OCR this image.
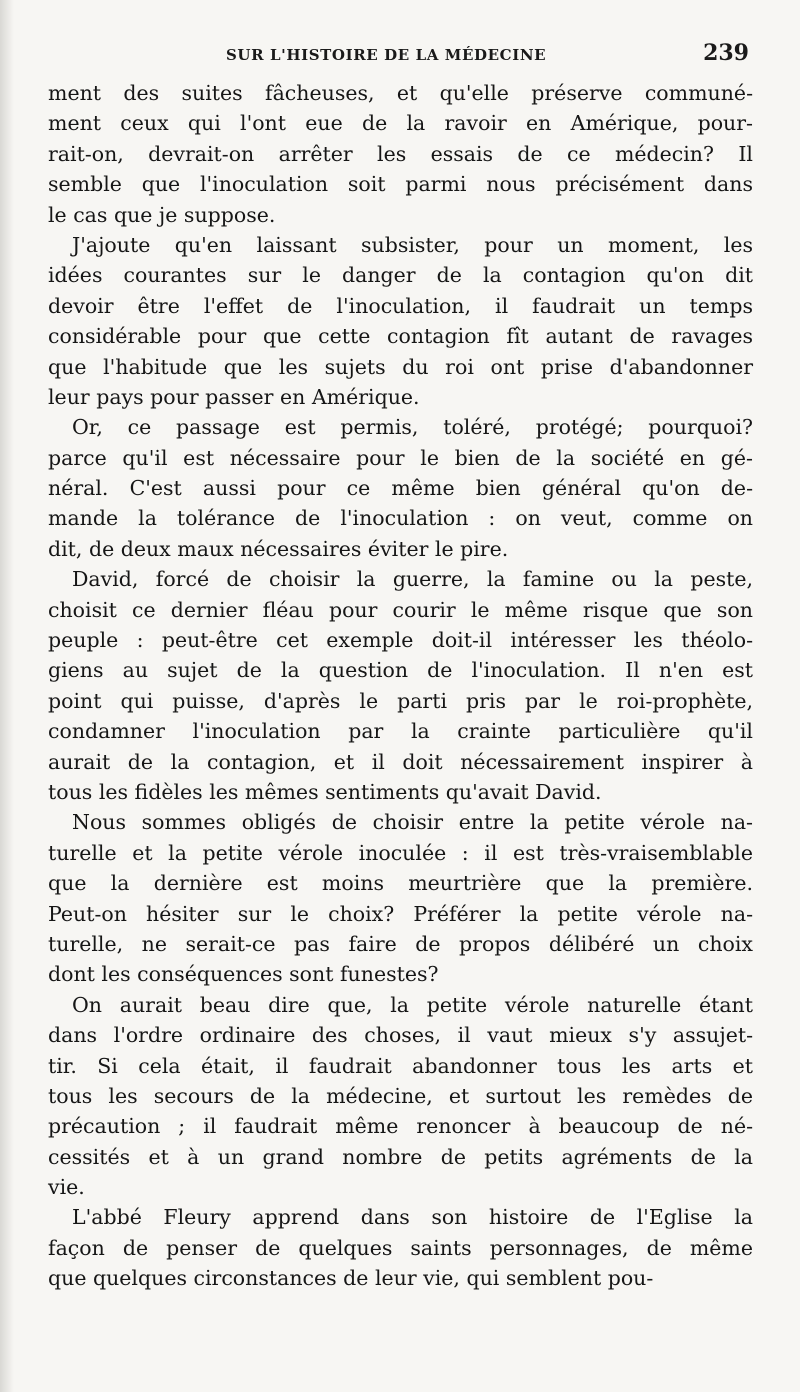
SUR L'HISTOIRE DE LA MÉDECINE	239
ment des suites fâcheuses, et qu'elle préserve communé-
ment ceux qui l'ont eue de la ravoir en Amérique, pour-
rait-on, devrait-on arrêter les essais de ce médecin? Il
semble que l'inoculation soit parmi nous précisément dans
le cas que je suppose.
J'ajoute qu'en laissant subsister, pour un moment, les
idées courantes sur le danger de la contagion qu'on dit
devoir être l'effet de l'inoculation, il faudrait un temps
considérable pour que cette contagion fît autant de ravages
que l'habitude que les sujets du roi ont prise d'abandonner
leur pays pour passer en Amérique.
Or, ce passage est permis, toléré, protégé; pourquoi?
parce qu'il est nécessaire pour le bien de la société en gé-
néral. C'est aussi pour ce même bien général qu'on de-
mande la tolérance de l'inoculation : on veut, comme on
dit, de deux maux nécessaires éviter le pire.
David, forcé de choisir la guerre, la famine ou la peste,
choisit ce dernier fléau pour courir le même risque que son
peuple : peut-être cet exemple doit-il intéresser les théolo-
giens au sujet de la question de l'inoculation. Il n'en est
point qui puisse, d'après le parti pris par le roi-prophète,
condamner l'inoculation par la crainte particulière qu'il
aurait de la contagion, et il doit nécessairement inspirer à
tous les fidèles les mêmes sentiments qu'avait David.
Nous sommes obligés de choisir entre la petite vérole na-
turelle et la petite vérole inoculée : il est très-vraisemblable
que la dernière est moins meurtrière que la première.
Peut-on hésiter sur le choix? Préférer la petite vérole na-
turelle, ne serait-ce pas faire de propos délibéré un choix
dont les conséquences sont funestes?
On aurait beau dire que, la petite vérole naturelle étant
dans l'ordre ordinaire des choses, il vaut mieux s'y assujet-
tir. Si cela était, il faudrait abandonner tous les arts et
tous les secours de la médecine, et surtout les remèdes de
précaution ; il faudrait même renoncer à beaucoup de né-
cessités et à un grand nombre de petits agréments de la
vie.
L'abbé Fleury apprend dans son histoire de l'Eglise la
façon de penser de quelques saints personnages, de même
que quelques circonstances de leur vie, qui semblent pou-
